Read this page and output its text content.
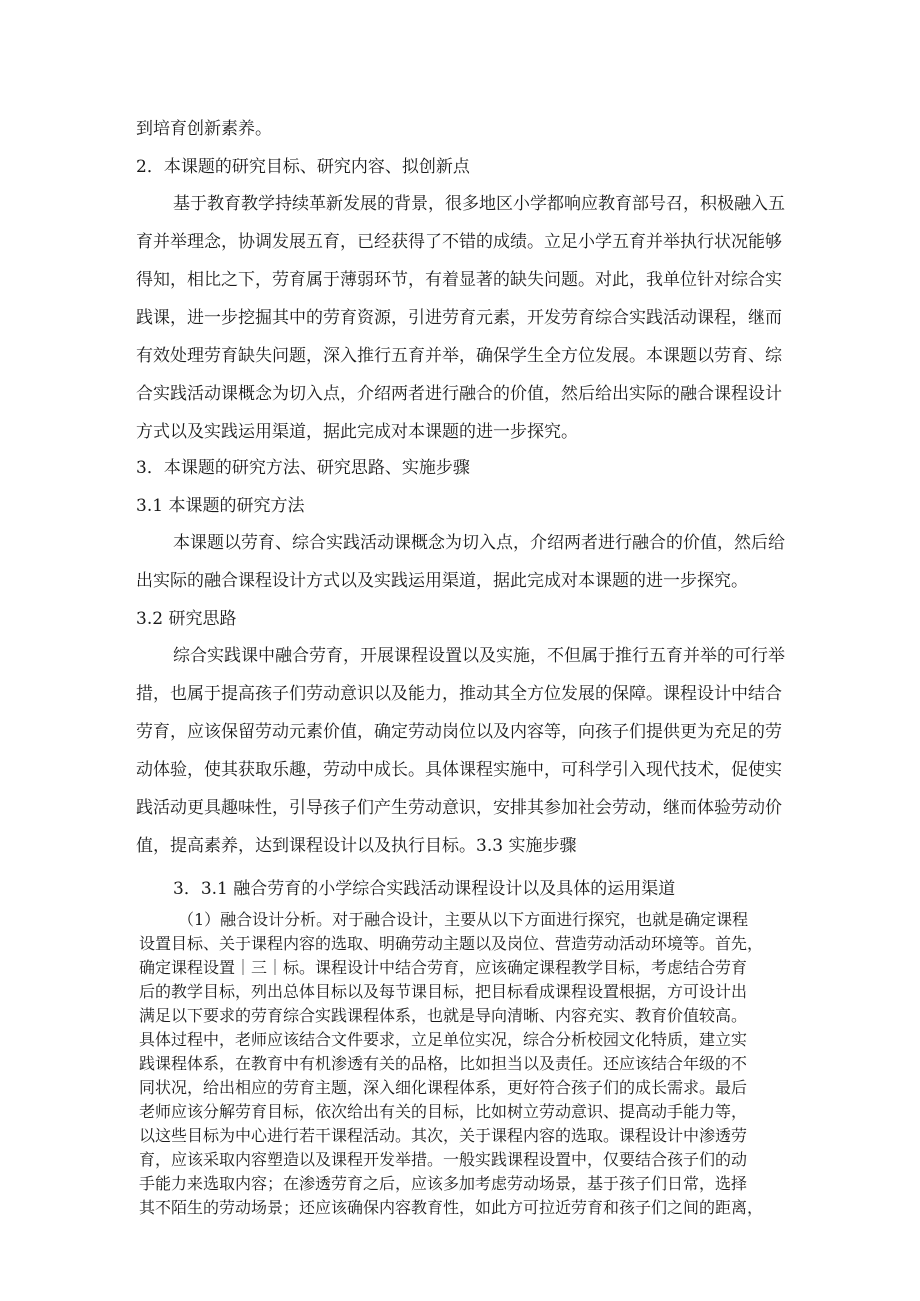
到培育创新素养。

2．本课题的研究目标、研究内容、拟创新点

基于教育教学持续革新发展的背景，很多地区小学都响应教育部号召，积极融入五

育并举理念，协调发展五育，已经获得了不错的成绩。立足小学五育并举执行状况能够

得知，相比之下，劳育属于薄弱环节，有着显著的缺失问题。对此，我单位针对综合实

践课，进一步挖掘其中的劳育资源，引进劳育元素，开发劳育综合实践活动课程，继而

有效处理劳育缺失问题，深入推行五育并举，确保学生全方位发展。本课题以劳育、综

合实践活动课概念为切入点，介绍两者进行融合的价值，然后给出实际的融合课程设计

方式以及实践运用渠道，据此完成对本课题的进一步探究。

3．本课题的研究方法、研究思路、实施步骤

3.1 本课题的研究方法

本课题以劳育、综合实践活动课概念为切入点，介绍两者进行融合的价值，然后给

出实际的融合课程设计方式以及实践运用渠道，据此完成对本课题的进一步探究。

3.2 研究思路

综合实践课中融合劳育，开展课程设置以及实施，不但属于推行五育并举的可行举

措，也属于提高孩子们劳动意识以及能力，推动其全方位发展的保障。课程设计中结合

劳育，应该保留劳动元素价值，确定劳动岗位以及内容等，向孩子们提供更为充足的劳

动体验，使其获取乐趣，劳动中成长。具体课程实施中，可科学引入现代技术，促使实

践活动更具趣味性，引导孩子们产生劳动意识，安排其参加社会劳动，继而体验劳动价

值，提高素养，达到课程设计以及执行目标。3.3 实施步骤

3．3.1 融合劳育的小学综合实践活动课程设计以及具体的运用渠道

（1）融合设计分析。对于融合设计，主要从以下方面进行探究，也就是确定课程

设置目标、关于课程内容的选取、明确劳动主题以及岗位、营造劳动活动环境等。首先，

确定课程设置｜三｜标。课程设计中结合劳育，应该确定课程教学目标，考虑结合劳育

后的教学目标，列出总体目标以及每节课目标，把目标看成课程设置根据，方可设计出

满足以下要求的劳育综合实践课程体系，也就是导向清晰、内容充实、教育价值较高。

具体过程中，老师应该结合文件要求，立足单位实况，综合分析校园文化特质，建立实

践课程体系，在教育中有机渗透有关的品格，比如担当以及责任。还应该结合年级的不

同状况，给出相应的劳育主题，深入细化课程体系，更好符合孩子们的成长需求。最后

老师应该分解劳育目标，依次给出有关的目标，比如树立劳动意识、提高动手能力等，

以这些目标为中心进行若干课程活动。其次，关于课程内容的选取。课程设计中渗透劳

育，应该采取内容塑造以及课程开发举措。一般实践课程设置中，仅要结合孩子们的动

手能力来选取内容；在渗透劳育之后，应该多加考虑劳动场景，基于孩子们日常，选择

其不陌生的劳动场景；还应该确保内容教育性，如此方可拉近劳育和孩子们之间的距离，
